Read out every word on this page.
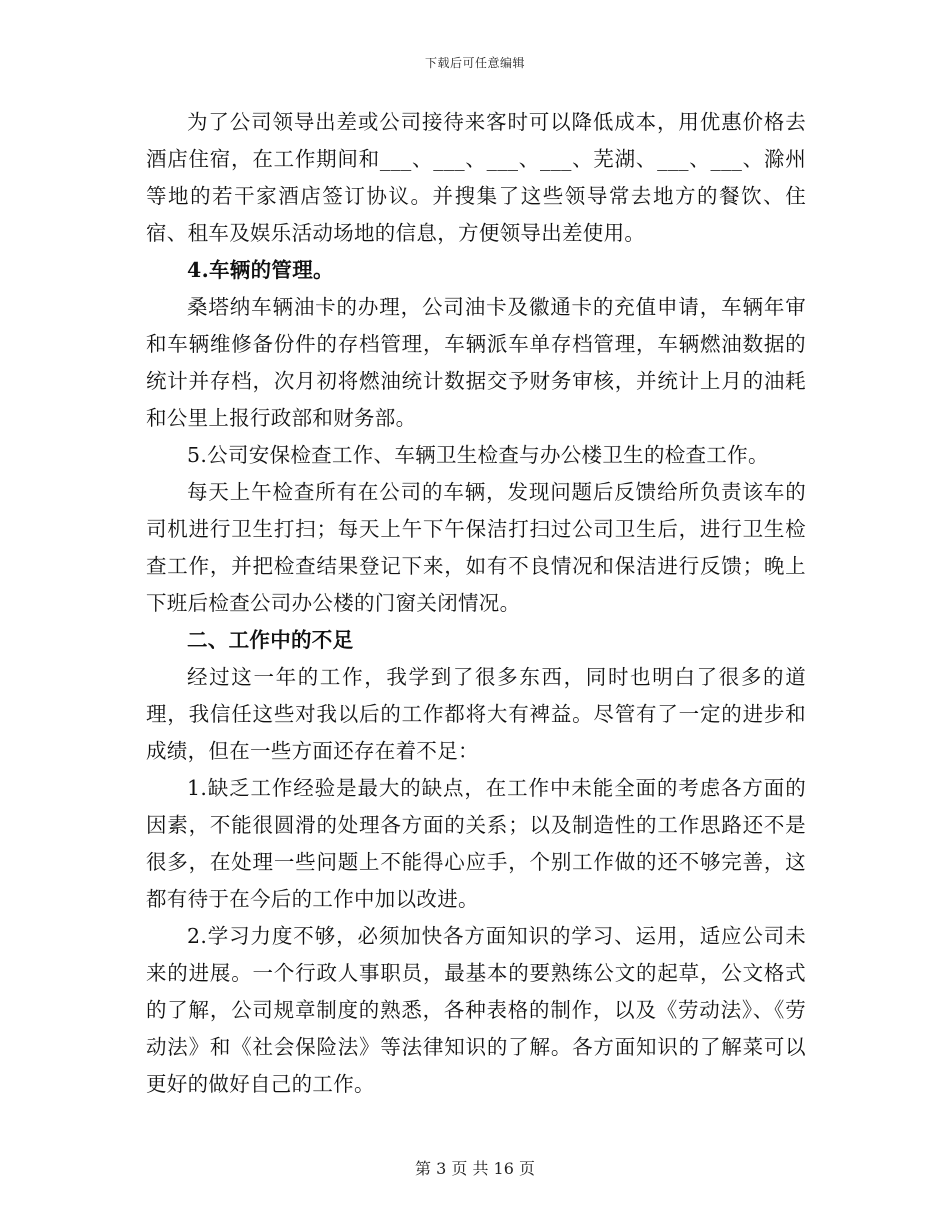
下载后可任意编辑

为了公司领导出差或公司接待来客时可以降低成本，用优惠价格去酒店住宿，在工作期间和___、___、___、___、芜湖、___、___、滁州等地的若干家酒店签订协议。并搜集了这些领导常去地方的餐饮、住宿、租车及娱乐活动场地的信息，方便领导出差使用。

4.车辆的管理。

桑塔纳车辆油卡的办理，公司油卡及徽通卡的充值申请，车辆年审和车辆维修备份件的存档管理，车辆派车单存档管理，车辆燃油数据的统计并存档，次月初将燃油统计数据交予财务审核，并统计上月的油耗和公里上报行政部和财务部。

5.公司安保检查工作、车辆卫生检查与办公楼卫生的检查工作。

每天上午检查所有在公司的车辆，发现问题后反馈给所负责该车的司机进行卫生打扫；每天上午下午保洁打扫过公司卫生后，进行卫生检查工作，并把检查结果登记下来，如有不良情况和保洁进行反馈；晚上下班后检查公司办公楼的门窗关闭情况。

二、工作中的不足

经过这一年的工作，我学到了很多东西，同时也明白了很多的道理，我信任这些对我以后的工作都将大有裨益。尽管有了一定的进步和成绩，但在一些方面还存在着不足：

1.缺乏工作经验是最大的缺点，在工作中未能全面的考虑各方面的因素，不能很圆滑的处理各方面的关系；以及制造性的工作思路还不是很多，在处理一些问题上不能得心应手，个别工作做的还不够完善，这都有待于在今后的工作中加以改进。

2.学习力度不够，必须加快各方面知识的学习、运用，适应公司未来的进展。一个行政人事职员，最基本的要熟练公文的起草，公文格式的了解，公司规章制度的熟悉，各种表格的制作，以及《劳动法》、《劳动法》和《社会保险法》等法律知识的了解。各方面知识的了解菜可以更好的做好自己的工作。

第 3 页 共 16 页
